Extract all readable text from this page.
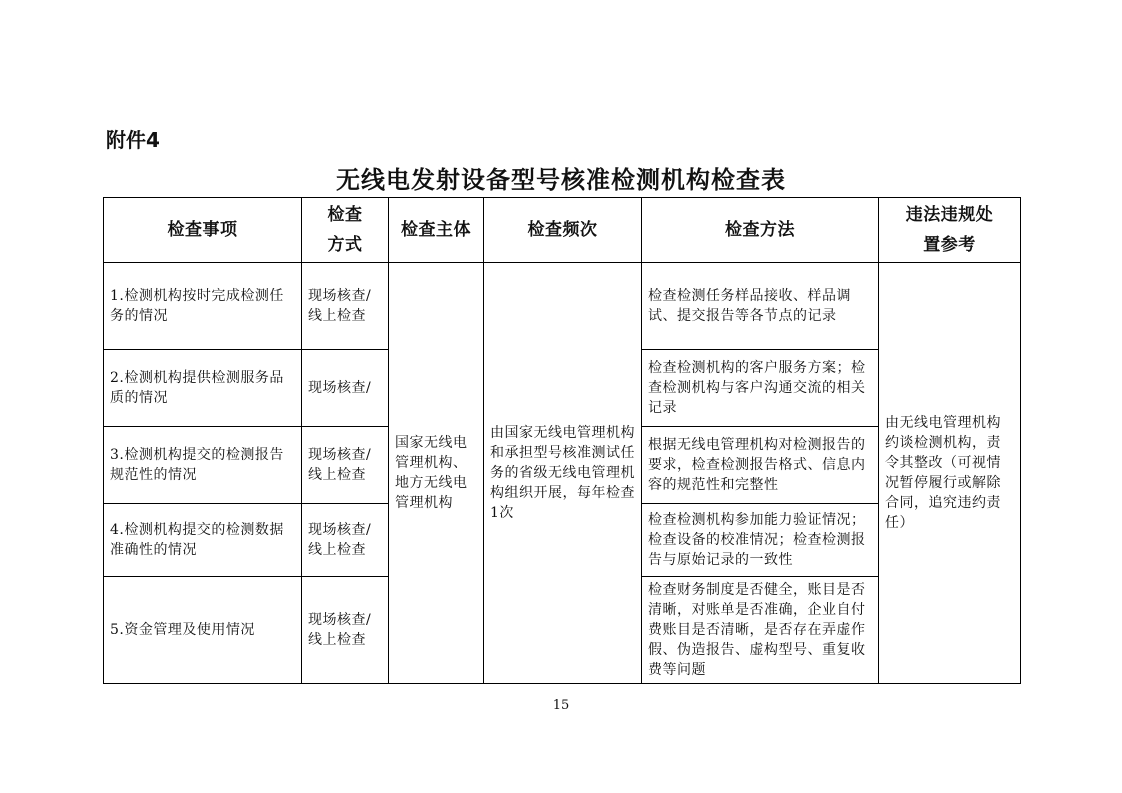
附件4
无线电发射设备型号核准检测机构检查表
检查事项	检查方式	检查主体	检查频次	检查方法	违法违规处置参考
1.检测机构按时完成检测任务的情况	现场核查/线上检查	国家无线电管理机构、地方无线电管理机构	由国家无线电管理机构和承担型号核准测试任务的省级无线电管理机构组织开展，每年检查1次	检查检测任务样品接收、样品调试、提交报告等各节点的记录	由无线电管理机构约谈检测机构，责令其整改（可视情况暂停履行或解除合同，追究违约责任）
2.检测机构提供检测服务品质的情况	现场核查/			检查检测机构的客户服务方案；检查检测机构与客户沟通交流的相关记录	
3.检测机构提交的检测报告规范性的情况	现场核查/线上检查			根据无线电管理机构对检测报告的要求，检查检测报告格式、信息内容的规范性和完整性	
4.检测机构提交的检测数据准确性的情况	现场核查/线上检查			检查检测机构参加能力验证情况；检查设备的校准情况；检查检测报告与原始记录的一致性	
5.资金管理及使用情况	现场核查/线上检查			检查财务制度是否健全，账目是否清晰，对账单是否准确，企业自付费账目是否清晰，是否存在弄虚作假、伪造报告、虚构型号、重复收费等问题	
15
